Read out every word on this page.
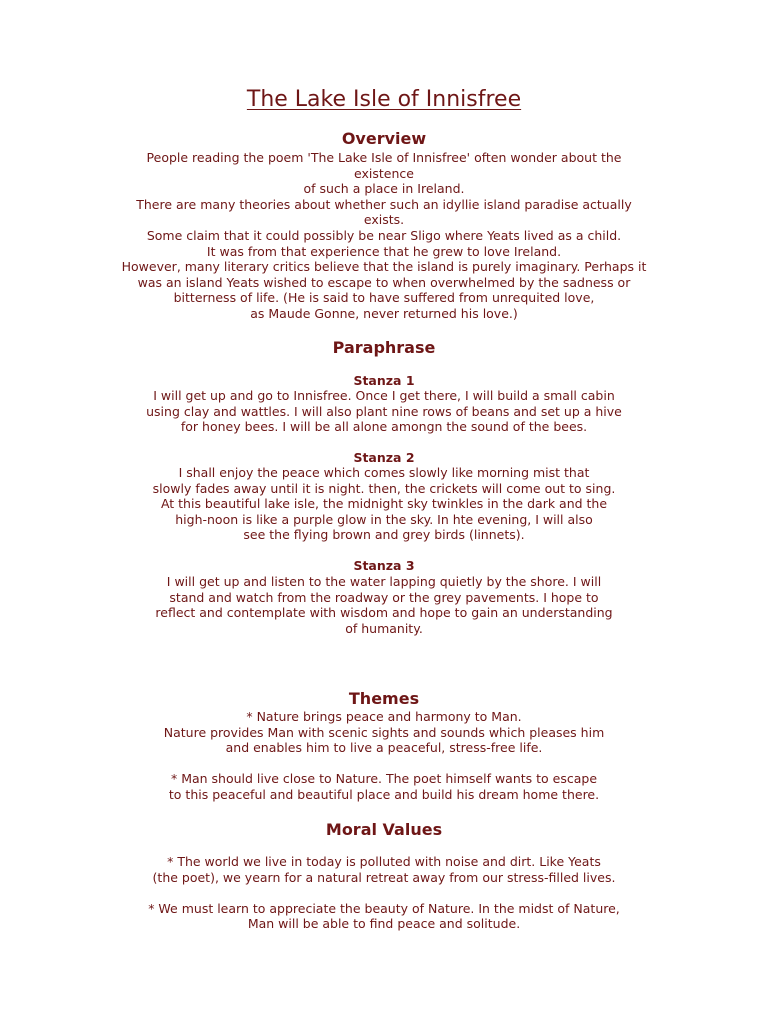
The Lake Isle of Innisfree
Overview
People reading the poem 'The Lake Isle of Innisfree' often wonder about the
existence
of such a place in Ireland.
There are many theories about whether such an idyllie island paradise actually
exists.
Some claim that it could possibly be near Sligo where Yeats lived as a child.
It was from that experience that he grew to love Ireland.
However, many literary critics believe that the island is purely imaginary. Perhaps it
was an island Yeats wished to escape to when overwhelmed by the sadness or
bitterness of life. (He is said to have suffered from unrequited love,
as Maude Gonne, never returned his love.)
Paraphrase
Stanza 1
I will get up and go to Innisfree. Once I get there, I will build a small cabin
using clay and wattles. I will also plant nine rows of beans and set up a hive
for honey bees. I will be all alone amongn the sound of the bees.
Stanza 2
I shall enjoy the peace which comes slowly like morning mist that
slowly fades away until it is night. then, the crickets will come out to sing.
At this beautiful lake isle, the midnight sky twinkles in the dark and the
high-noon is like a purple glow in the sky. In hte evening, I will also
see the flying brown and grey birds (linnets).
Stanza 3
I will get up and listen to the water lapping quietly by the shore. I will
stand and watch from the roadway or the grey pavements. I hope to
reflect and contemplate with wisdom and hope to gain an understanding
of humanity.
Themes
* Nature brings peace and harmony to Man.
Nature provides Man with scenic sights and sounds which pleases him
and enables him to live a peaceful, stress-free life.
* Man should live close to Nature. The poet himself wants to escape
to this peaceful and beautiful place and build his dream home there.
Moral Values
* The world we live in today is polluted with noise and dirt. Like Yeats
(the poet), we yearn for a natural retreat away from our stress-filled lives.
* We must learn to appreciate the beauty of Nature. In the midst of Nature,
Man will be able to find peace and solitude.
